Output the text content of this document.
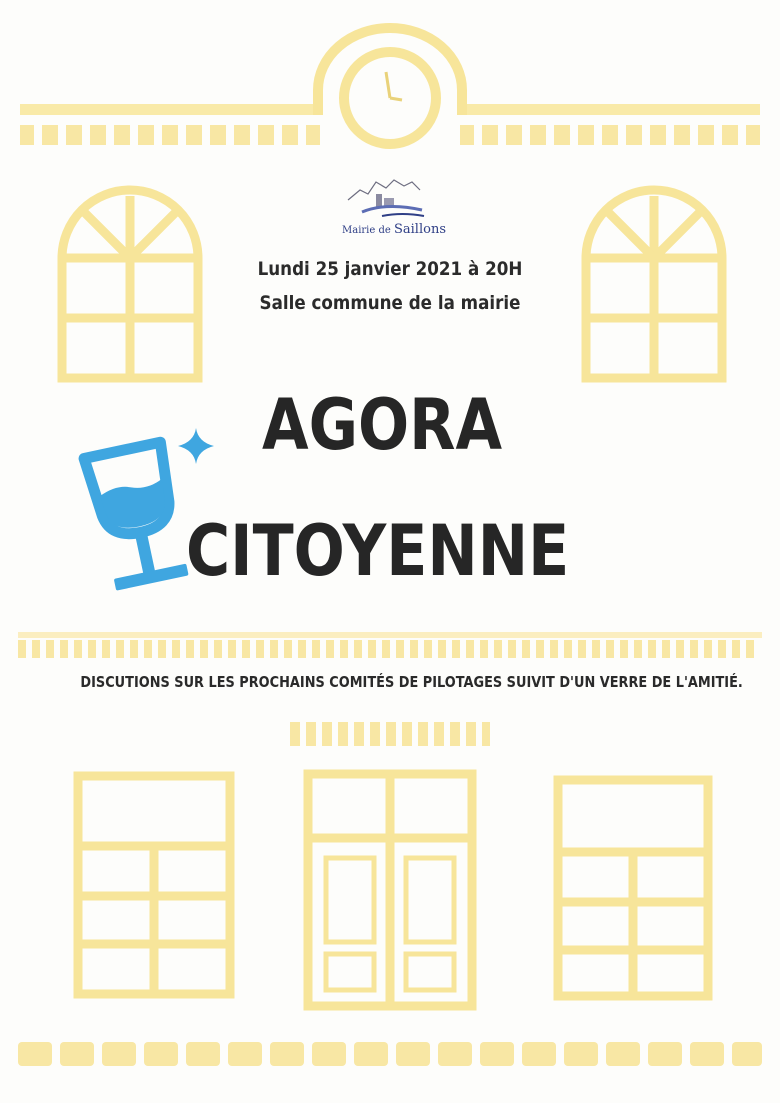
Mairie de Saillons
Lundi 25 janvier 2021 à 20H
Salle commune de la mairie
AGORA
CITOYENNE
DISCUTIONS SUR LES PROCHAINS COMITÉS DE PILOTAGES SUIVIT D'UN VERRE DE L'AMITIÉ.
